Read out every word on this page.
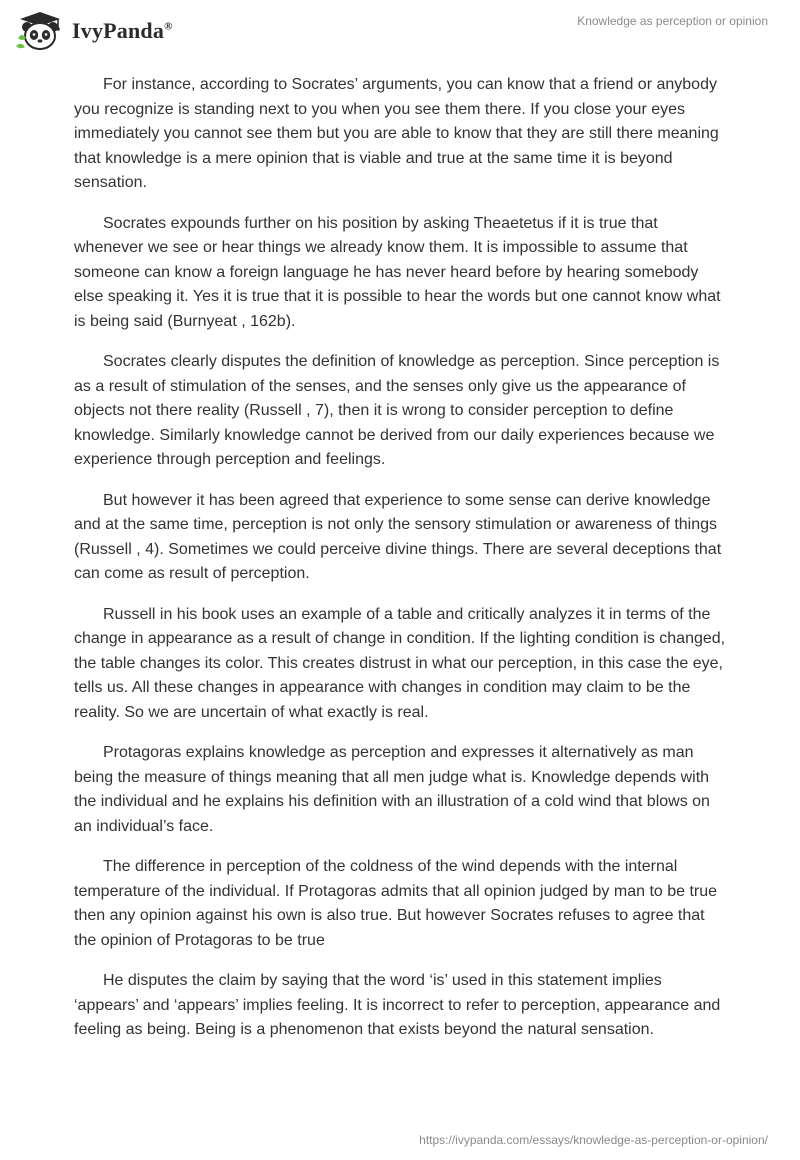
IvyPanda®	Knowledge as perception or opinion

For instance, according to Socrates’ arguments, you can know that a friend or anybody you recognize is standing next to you when you see them there. If you close your eyes immediately you cannot see them but you are able to know that they are still there meaning that knowledge is a mere opinion that is viable and true at the same time it is beyond sensation.

Socrates expounds further on his position by asking Theaetetus if it is true that whenever we see or hear things we already know them. It is impossible to assume that someone can know a foreign language he has never heard before by hearing somebody else speaking it. Yes it is true that it is possible to hear the words but one cannot know what is being said (Burnyeat , 162b).

Socrates clearly disputes the definition of knowledge as perception. Since perception is as a result of stimulation of the senses, and the senses only give us the appearance of objects not there reality (Russell , 7), then it is wrong to consider perception to define knowledge. Similarly knowledge cannot be derived from our daily experiences because we experience through perception and feelings.

But however it has been agreed that experience to some sense can derive knowledge and at the same time, perception is not only the sensory stimulation or awareness of things (Russell , 4). Sometimes we could perceive divine things. There are several deceptions that can come as result of perception.

Russell in his book uses an example of a table and critically analyzes it in terms of the change in appearance as a result of change in condition. If the lighting condition is changed, the table changes its color. This creates distrust in what our perception, in this case the eye, tells us. All these changes in appearance with changes in condition may claim to be the reality. So we are uncertain of what exactly is real.

Protagoras explains knowledge as perception and expresses it alternatively as man being the measure of things meaning that all men judge what is. Knowledge depends with the individual and he explains his definition with an illustration of a cold wind that blows on an individual’s face.

The difference in perception of the coldness of the wind depends with the internal temperature of the individual. If Protagoras admits that all opinion judged by man to be true then any opinion against his own is also true. But however Socrates refuses to agree that the opinion of Protagoras to be true

He disputes the claim by saying that the word ‘is’ used in this statement implies ‘appears’ and ‘appears’ implies feeling. It is incorrect to refer to perception, appearance and feeling as being. Being is a phenomenon that exists beyond the natural sensation.

https://ivypanda.com/essays/knowledge-as-perception-or-opinion/
